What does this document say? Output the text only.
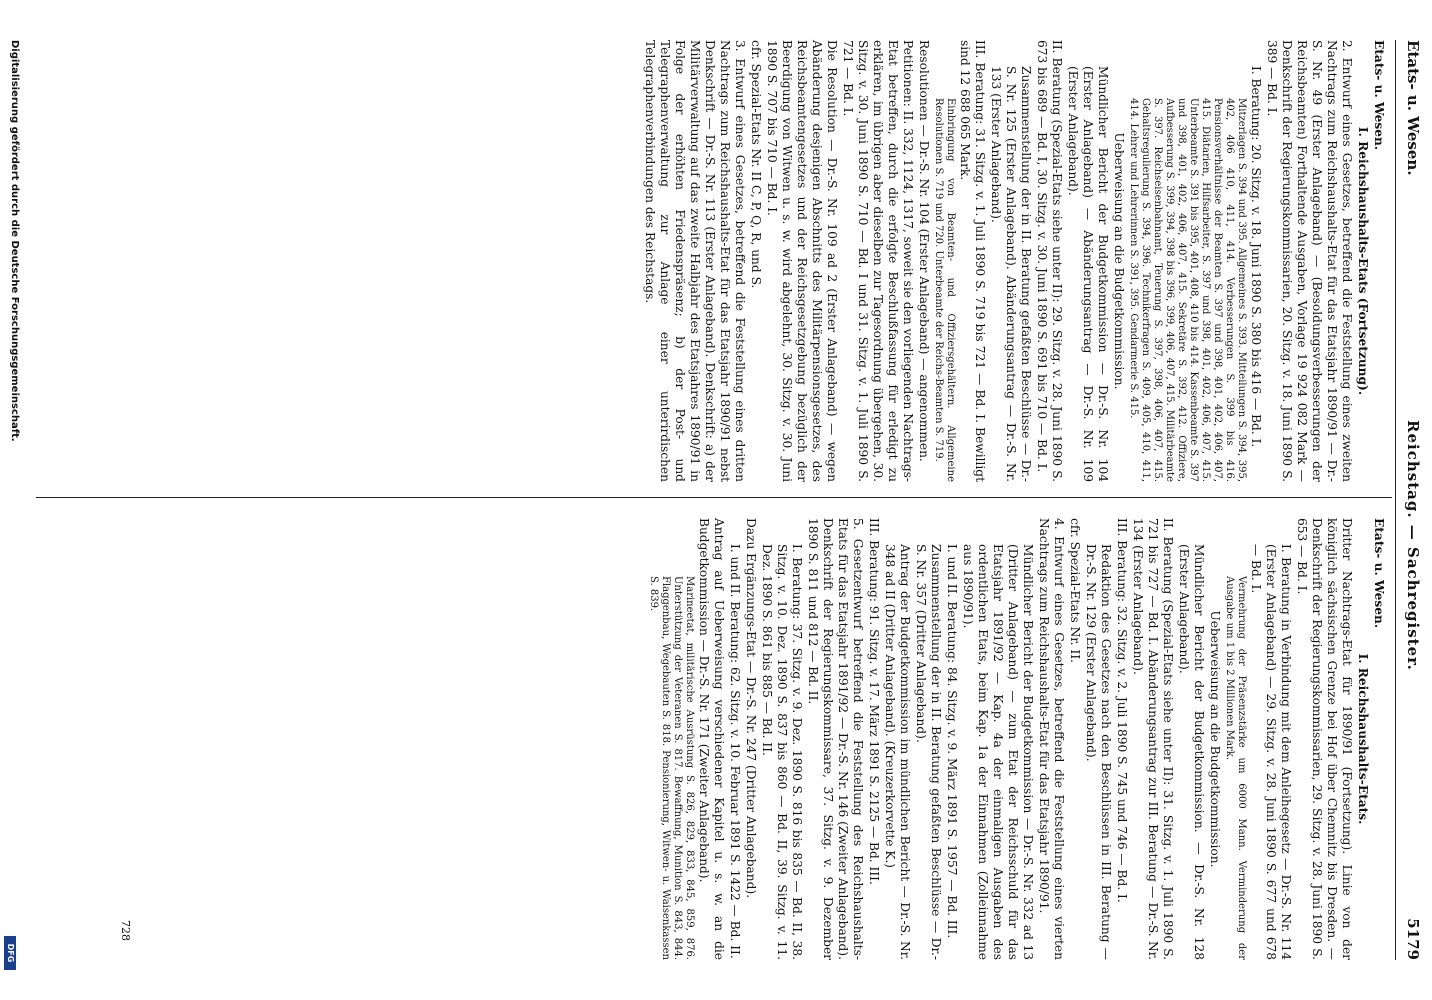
Etats- u. Wesen.
Reichstag. — Sachregister.
5179

Etats- u. Wesen.

I. Reichshaushalts-Etats (Fortsetzung).

2. Entwurf eines Gesetzes, betreffend die Feststellung eines zweiten Nachtrags zum Reichshaushalts-Etat für das Etatsjahr 1890/91 — Dr.-S. Nr. 49 (Erster Anlageband) — (Besoldungsverbesserungen der Reichsbeamten) Forthaltende Ausgaben, Vorlage 19 924 082 Mark — Denkschrift der Regierungskommissarien, 20. Sitzg. v. 18. Juni 1890 S. 389 — Bd. I.

I. Beratung: 20. Sitzg. v. 18. Juni 1890 S. 380 bis 416 — Bd. I.

Mitzerlagen S. 394 und 395. Allgemeines S. 393. Mitteilungen S. 394, 395, 402, 406 410, 411, 414. Verbesserungen S. 399 bis 416. Pensionsverhältnisse der Beamten S. 397 und 398, 401, 402, 406, 407, 415. Diätarien, Hilfsarbeiter, S. 397 und 398, 401, 402, 406, 407, 415. Unterbeamte S. 391 bis 395, 401, 408, 410 bis 414. Kassenbeamte S. 397 und 398, 401, 402, 406, 407, 415. Sekretäre S. 392, 412. Offiziere, Aufbesserung S. 399, 394, 398 bis 396, 399, 406, 407, 415. Militärbeamte S. 397. Reichseisenbahnamt, Teuerung S. 397, 398, 406, 407, 415. Gehaltsregulierung S. 394, 396. Technikerfragen S. 409, 405, 410, 411, 414. Lehrer und Lehrerinnen S. 391, 395. Gendarmerie S. 415.

Ueberweisung an die Budgetkommission.

Mündlicher Bericht der Budgetkommission — Dr.-S. Nr. 104 (Erster Anlageband) — Abänderungsantrag — Dr.-S. Nr. 109 (Erster Anlageband).

II. Beratung (Spezial-Etats siehe unter II): 29. Sitzg. v. 28. Juni 1890 S. 673 bis 689 — Bd. I, 30. Sitzg. v. 30. Juni 1890 S. 691 bis 710 — Bd. I.

Zusammenstellung der in II. Beratung gefaßten Beschlüsse — Dr.-S. Nr. 125 (Erster Anlageband). Abänderungsantrag — Dr.-S. Nr. 133 (Erster Anlageband).

III. Beratung: 31. Sitzg. v. 1. Juli 1890 S. 719 bis 721 — Bd. I. Bewilligt sind 12 688 065 Mark.

Einbringung von Beamten- und Offiziersgehältern. Allgemeine Resolutionen S. 719 und 720. Unterbeamte der Reichs-Beamten S. 719.

Resolutionen — Dr.-S. Nr. 104 (Erster Anlageband) — angenommen.

Petitionen: II. 332, 1124, 1317, soweit sie den vorliegenden Nachtrags-Etat betreffen, durch die erfolgte Beschlußfassung für erledigt zu erklären, im übrigen aber dieselben zur Tagesordnung übergehen, 30. Sitzg. v. 30. Juni 1890 S. 710 — Bd. I und 31. Sitzg. v. 1. Juli 1890 S. 721 — Bd. I.

Die Resolution — Dr.-S. Nr. 109 ad 2 (Erster Anlageband) — wegen Abänderung desjenigen Abschnitts des Militärpensionsgesetzes, des Reichsbeamtengesetzes und der Reichsgesetzgebung bezüglich der Beerdigung von Witwen u. s. w. wird abgelehnt, 30. Sitzg. v. 30. Juni 1890 S. 707 bis 710 — Bd. I.

cfr. Spezial-Etats Nr. II C, P, Q, R, und S.

3. Entwurf eines Gesetzes, betreffend die Feststellung eines dritten Nachtrags zum Reichshaushalts-Etat für das Etatsjahr 1890/91 nebst Denkschrift — Dr.-S. Nr. 113 (Erster Anlageband). Denkschrift: a) der Militärverwaltung auf das zweite Halbjahr des Etatsjahres 1890/91 in Folge der erhöhten Friedenspräsenz; b) der Post- und Telegraphenverwaltung zur Anlage einer unterirdischen Telegraphenverbindungen des Reichstags.

Etats- u. Wesen.

I. Reichshaushalts-Etats.

Dritter Nachtrags-Etat für 1890/91 (Fortsetzung). Linie von der königlich sächsischen Grenze bei Hof über Chemnitz bis Dresden. — Denkschrift der Regierungskommissarien, 29. Sitzg. v. 28. Juni 1890 S. 653 — Bd. I.

I. Beratung in Verbindung mit dem Anleihegesetz — Dr.-S. Nr. 114 (Erster Anlageband) — 29. Sitzg. v. 28. Juni 1890 S. 677 und 678 — Bd. I.

Vermehrung der Präsenzstärke um 6000 Mann. Verminderung der Ausgabe um 1 bis 2 Millionen Mark.

Ueberweisung an die Budgetkommission.

Mündlicher Bericht der Budgetkommission. — Dr.-S. Nr. 128 (Erster Anlageband).

II. Beratung (Spezial-Etats siehe unter II): 31. Sitzg. v. 1. Juli 1890 S. 721 bis 727 — Bd. I. Abänderungsantrag zur III. Beratung — Dr.-S. Nr. 134 (Erster Anlageband).

III. Beratung: 32. Sitzg. v. 2. Juli 1890 S. 745 und 746 — Bd. I.

Redaktion des Gesetzes nach den Beschlüssen in III. Beratung — Dr.-S. Nr. 129 (Erster Anlageband).

cfr. Spezial-Etats Nr. II.

4. Entwurf eines Gesetzes, betreffend die Feststellung eines vierten Nachtrags zum Reichshaushalts-Etat für das Etatsjahr 1890/91.

Mündlicher Bericht der Budgetkommission — Dr.-S. Nr. 332 ad 13 (Dritter Anlageband) — zum Etat der Reichsschuld für das Etatsjahr 1891/92 — Kap. 4a der einmaligen Ausgaben des ordentlichen Etats, beim Kap. 1a der Einnahmen (Zolleinnahme aus 1890/91).

I. und II. Beratung: 84. Sitzg. v. 9. März 1891 S. 1957 — Bd. III.

Zusammenstellung der in II. Beratung gefaßten Beschlüsse — Dr.-S. Nr. 357 (Dritter Anlageband).

Antrag der Budgetkommission im mündlichen Bericht — Dr.-S. Nr. 348 ad II (Dritter Anlageband). (Kreuzerkorvette K.)

III. Beratung: 91. Sitzg. v. 17. März 1891 S. 2125 — Bd. III.

5. Gesetzentwurf betreffend die Feststellung des Reichshaushalts-Etats für das Etatsjahr 1891/92 — Dr.-S. Nr. 146 (Zweiter Anlageband). Denkschrift der Regierungskommissare, 37. Sitzg. v. 9. Dezember 1890 S. 811 und 812 — Bd. II.

I. Beratung: 37. Sitzg. v. 9. Dez. 1890 S. 816 bis 835 — Bd. II, 38. Sitzg. v. 10. Dez. 1890 S. 837 bis 860 — Bd. II, 39. Sitzg. v. 11. Dez. 1890 S. 861 bis 885 — Bd. II.

Dazu Ergänzungs-Etat — Dr.-S. Nr. 247 (Dritter Anlageband).

I. und II. Beratung: 62. Sitzg. v. 10. Februar 1891 S. 1422 — Bd. II.

Antrag auf Ueberweisung verschiedener Kapitel u. s. w. an die Budgetkommission — Dr.-S. Nr. 171 (Zweiter Anlageband).

Marineetat, militärische Ausrüstung S. 826, 829, 833, 845, 859, 876. Unterstützung der Veteranen S. 817. Bewaffnung, Munition S. 843, 844. Flaggenbau, Wegebauten S. 818. Pensionierung, Witwen- u. Waisenkassen S. 839.

728
Digitalisierung gefördert durch die Deutsche Forschungsgemeinschaft.
DFG
